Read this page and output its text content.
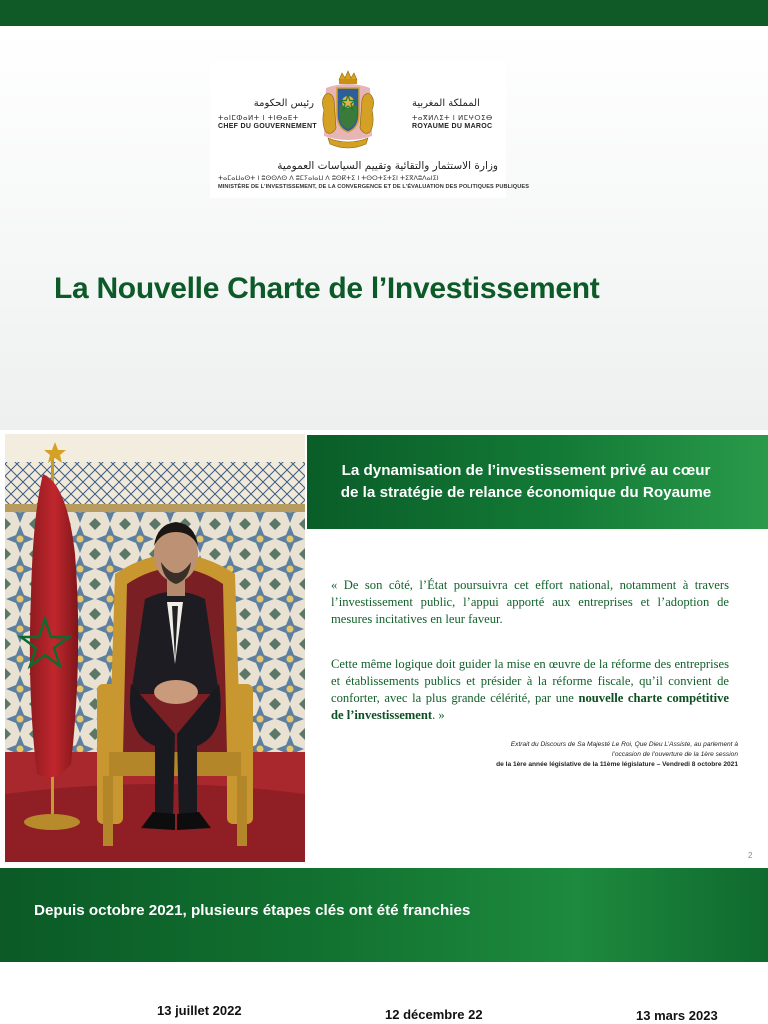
رئيس الحكومة
ⵜⴰⵏⵎⵀⴰⵍⵜ ⵏ ⵜⵏⴱⴰⴹⵜ
CHEF DU GOUVERNEMENT
المملكة المغربية
ⵜⴰⴳⵍⴷⵉⵜ ⵏ ⵍⵎⵖⵔⵉⴱ
ROYAUME DU MAROC
وزارة الاستثمار والتقائية وتقييم السياسات العمومية
ⵜⴰⵎⴰⵡⴰⵙⵜ ⵏ ⵓⵙⵙⴷⵙ ⴷ ⵓⵎⵢⴰⵏⴰⵡ ⴷ ⵓⵙⴽⵜⵉ ⵏ ⵜⵙⵔⵜⵉⵜⵉⵏ ⵜⵉⴳⴷⵓⴷⴰⵏⵉⵏ
MINISTÈRE DE L'INVESTISSEMENT, DE LA CONVERGENCE ET DE L'ÉVALUATION DES POLITIQUES PUBLIQUES
La Nouvelle Charte de l’Investissement
La dynamisation de l’investissement privé au cœur
de la stratégie de relance économique du Royaume

« De son côté, l’État poursuivra cet effort national, notamment à travers l’investissement public, l’appui apporté aux entreprises et l’adoption de mesures incitatives en leur faveur.

Cette même logique doit guider la mise en œuvre de la réforme des entreprises et établissements publics et présider à la réforme fiscale, qu’il convient de conforter, avec la plus grande célérité, par une nouvelle charte compétitive de l’investissement. »

Extrait du Discours de Sa Majesté Le Roi, Que Dieu L’Assiste, au parlement à
l’occasion de l’ouverture de la 1ère session
de la 1ère année législative de la 11ème législature – Vendredi 8 octobre 2021
2
Depuis octobre 2021, plusieurs étapes clés ont été franchies
13 juillet 2022	12 décembre 22	13 mars 2023
